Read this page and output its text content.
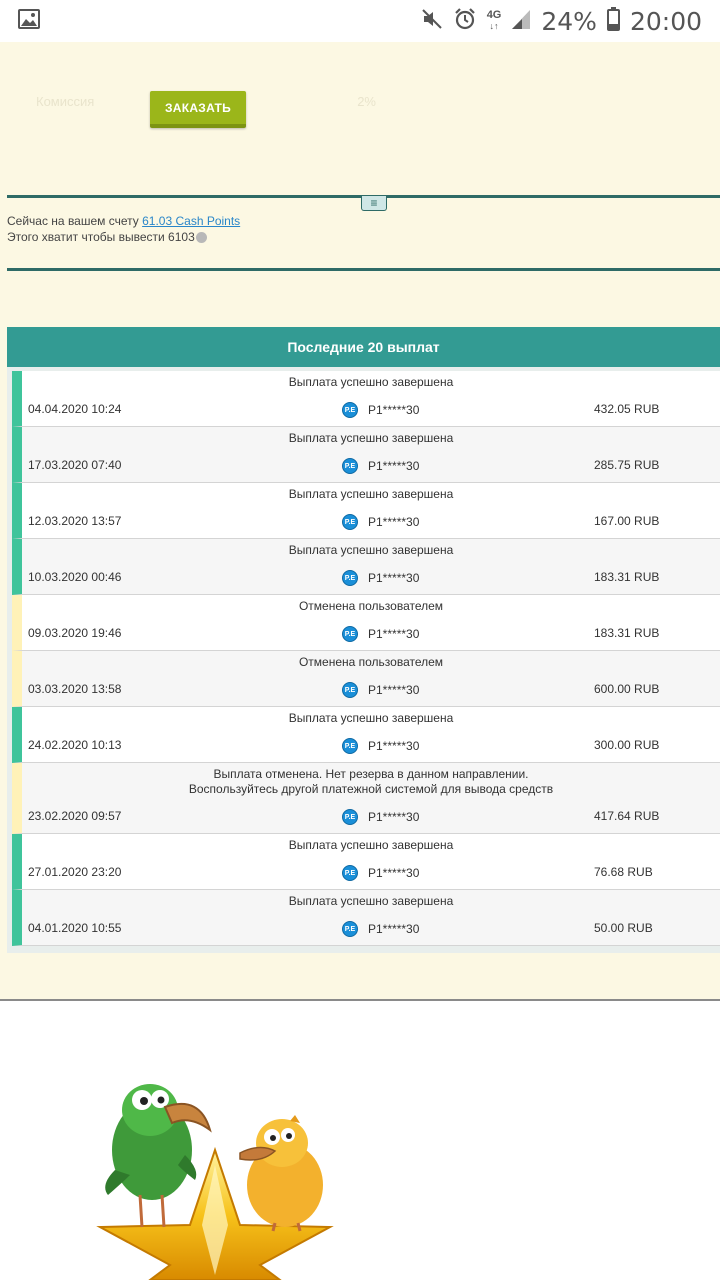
4G
↓↑ 24% 20:00
Комиссия	2%
ЗАКАЗАТЬ
≡
Сейчас на вашем счету 61.03 Cash Points
Этого хватит чтобы вывести 6103
Последние 20 выплат
Выплата успешно завершена
04.04.2020 10:24	P.E P1*****30	432.05 RUB
Выплата успешно завершена
17.03.2020 07:40	P.E P1*****30	285.75 RUB
Выплата успешно завершена
12.03.2020 13:57	P.E P1*****30	167.00 RUB
Выплата успешно завершена
10.03.2020 00:46	P.E P1*****30	183.31 RUB
Отменена пользователем
09.03.2020 19:46	P.E P1*****30	183.31 RUB
Отменена пользователем
03.03.2020 13:58	P.E P1*****30	600.00 RUB
Выплата успешно завершена
24.02.2020 10:13	P.E P1*****30	300.00 RUB
Выплата отменена. Нет резерва в данном направлении.
Воспользуйтесь другой платежной системой для вывода средств
23.02.2020 09:57	P.E P1*****30	417.64 RUB
Выплата успешно завершена
27.01.2020 23:20	P.E P1*****30	76.68 RUB
Выплата успешно завершена
04.01.2020 10:55	P.E P1*****30	50.00 RUB
